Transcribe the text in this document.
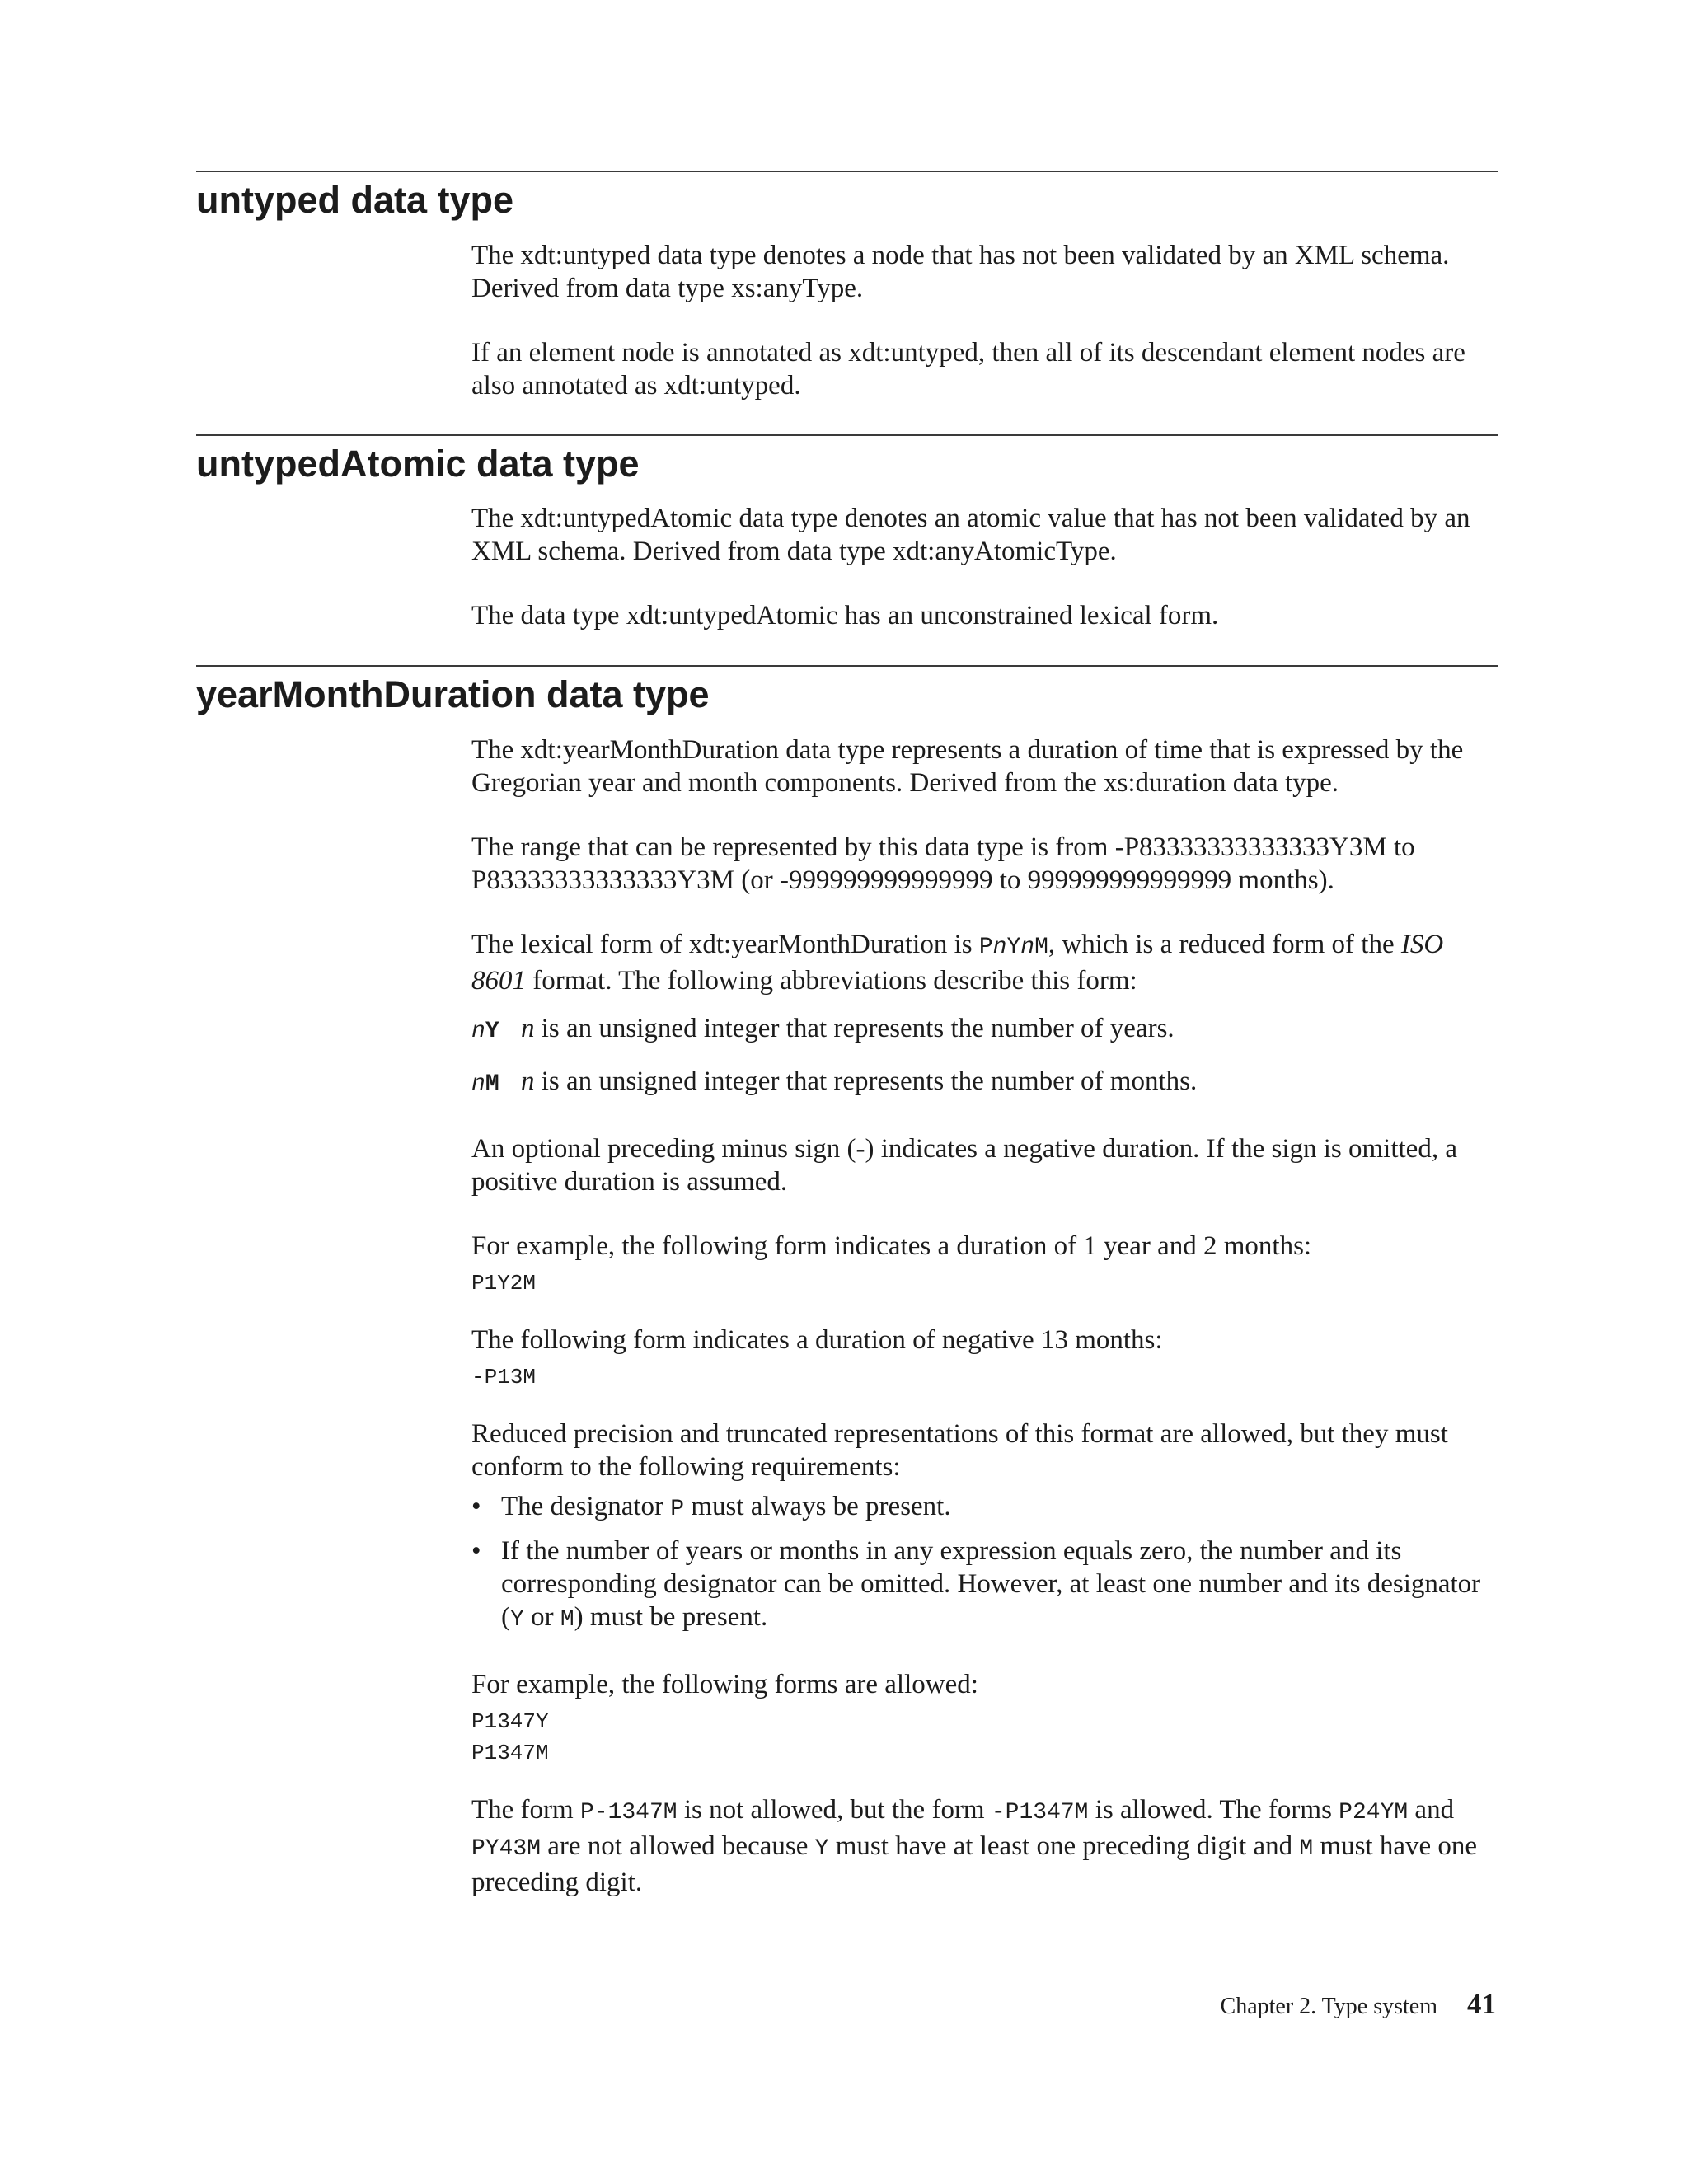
untyped data type

The xdt:untyped data type denotes a node that has not been validated by an XML schema. Derived from data type xs:anyType.

If an element node is annotated as xdt:untyped, then all of its descendant element nodes are also annotated as xdt:untyped.

untypedAtomic data type

The xdt:untypedAtomic data type denotes an atomic value that has not been validated by an XML schema. Derived from data type xdt:anyAtomicType.

The data type xdt:untypedAtomic has an unconstrained lexical form.

yearMonthDuration data type

The xdt:yearMonthDuration data type represents a duration of time that is expressed by the Gregorian year and month components. Derived from the xs:duration data type.

The range that can be represented by this data type is from -P83333333333333Y3M to P83333333333333Y3M (or -999999999999999 to 999999999999999 months).

The lexical form of xdt:yearMonthDuration is PnYnM, which is a reduced form of the ISO 8601 format. The following abbreviations describe this form:

nY n is an unsigned integer that represents the number of years.
nM n is an unsigned integer that represents the number of months.

An optional preceding minus sign (-) indicates a negative duration. If the sign is omitted, a positive duration is assumed.

For example, the following form indicates a duration of 1 year and 2 months:

P1Y2M

The following form indicates a duration of negative 13 months:

-P13M

Reduced precision and truncated representations of this format are allowed, but they must conform to the following requirements:

• The designator P must always be present.
• If the number of years or months in any expression equals zero, the number and its corresponding designator can be omitted. However, at least one number and its designator (Y or M) must be present.

For example, the following forms are allowed:

P1347Y
P1347M

The form P-1347M is not allowed, but the form -P1347M is allowed. The forms P24YM and PY43M are not allowed because Y must have at least one preceding digit and M must have one preceding digit.

Chapter 2. Type system 41
